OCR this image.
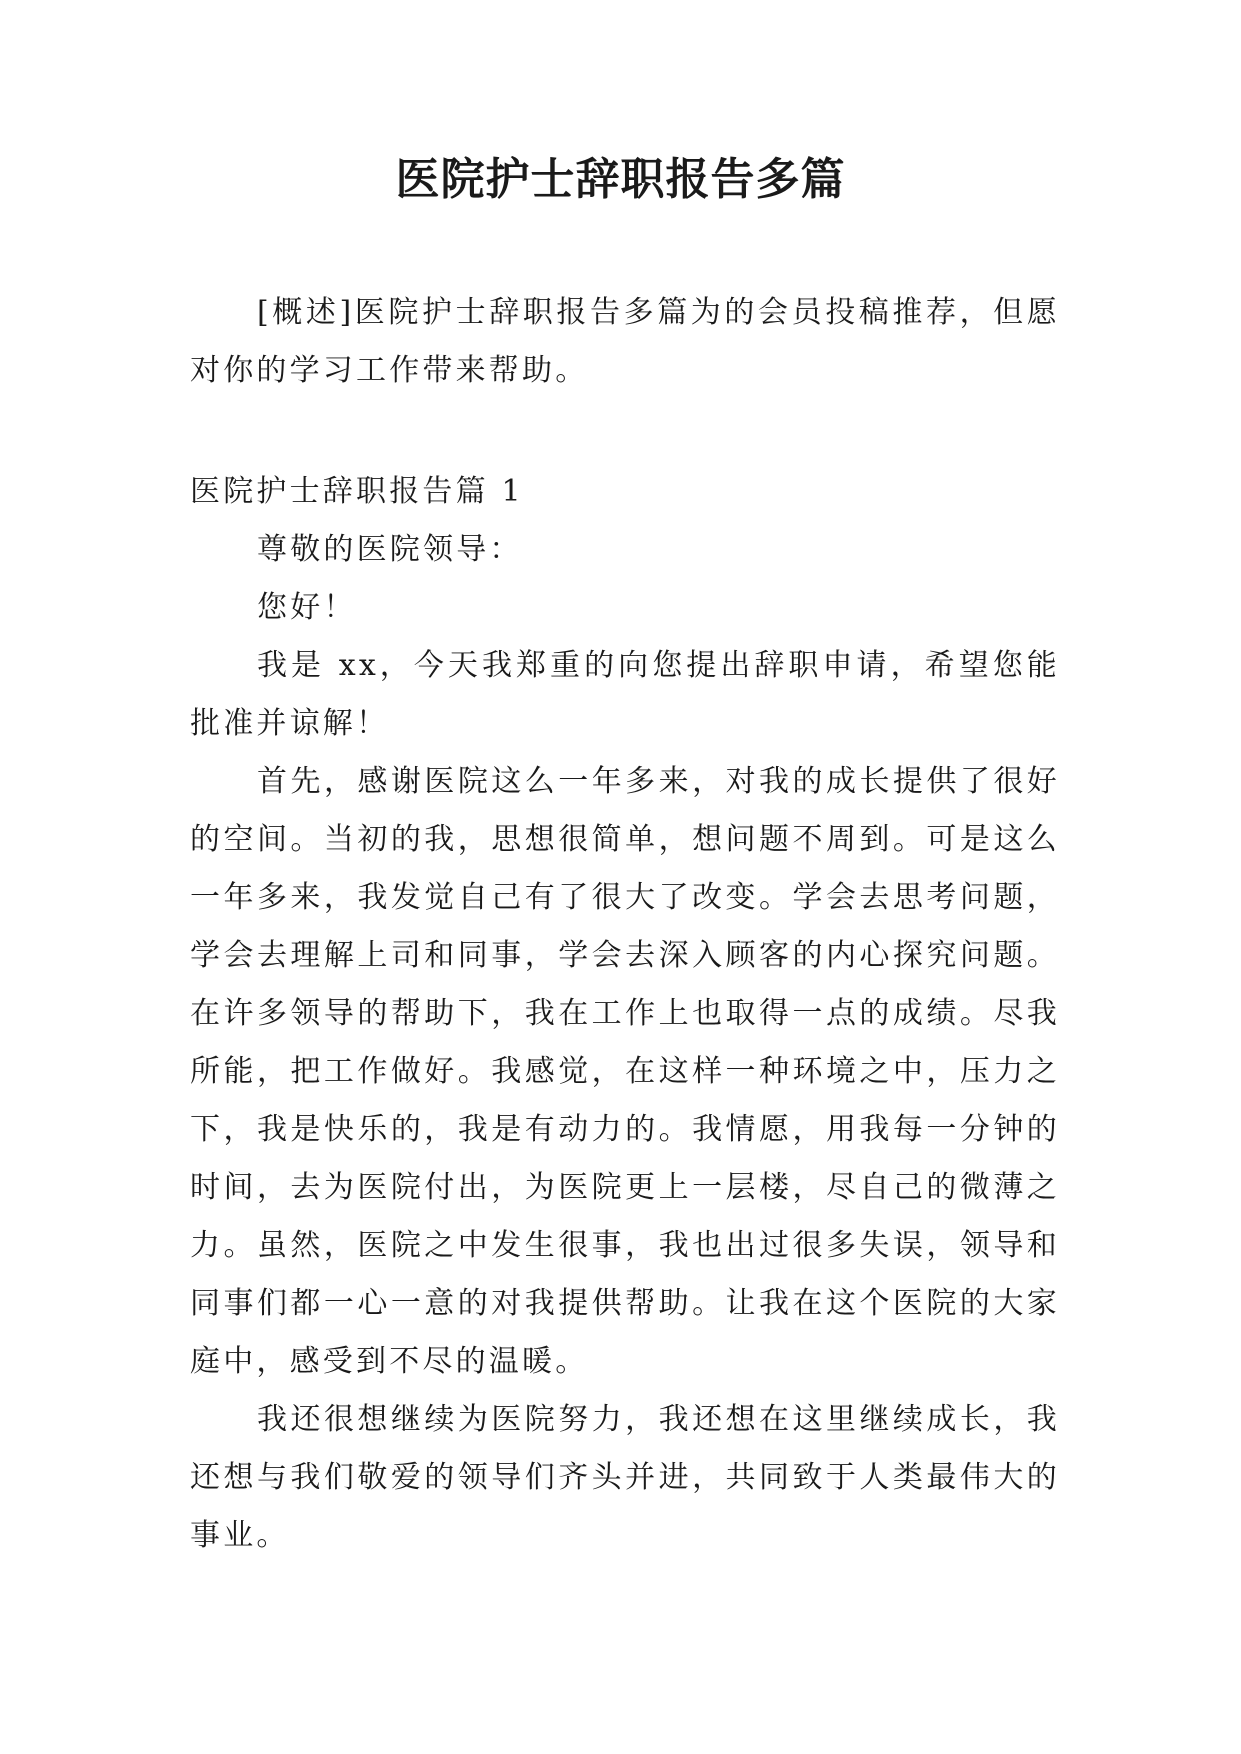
医院护士辞职报告多篇

[概述]医院护士辞职报告多篇为的会员投稿推荐，但愿对你的学习工作带来帮助。

医院护士辞职报告篇 1

尊敬的医院领导：

您好！

我是 xx，今天我郑重的向您提出辞职申请，希望您能批准并谅解！

首先，感谢医院这么一年多来，对我的成长提供了很好的空间。当初的我，思想很简单，想问题不周到。可是这么一年多来，我发觉自己有了很大了改变。学会去思考问题，学会去理解上司和同事，学会去深入顾客的内心探究问题。在许多领导的帮助下，我在工作上也取得一点的成绩。尽我所能，把工作做好。我感觉，在这样一种环境之中，压力之下，我是快乐的，我是有动力的。我情愿，用我每一分钟的时间，去为医院付出，为医院更上一层楼，尽自己的微薄之力。虽然，医院之中发生很事，我也出过很多失误，领导和同事们都一心一意的对我提供帮助。让我在这个医院的大家庭中，感受到不尽的温暖。

我还很想继续为医院努力，我还想在这里继续成长，我还想与我们敬爱的领导们齐头并进，共同致于人类最伟大的事业。
